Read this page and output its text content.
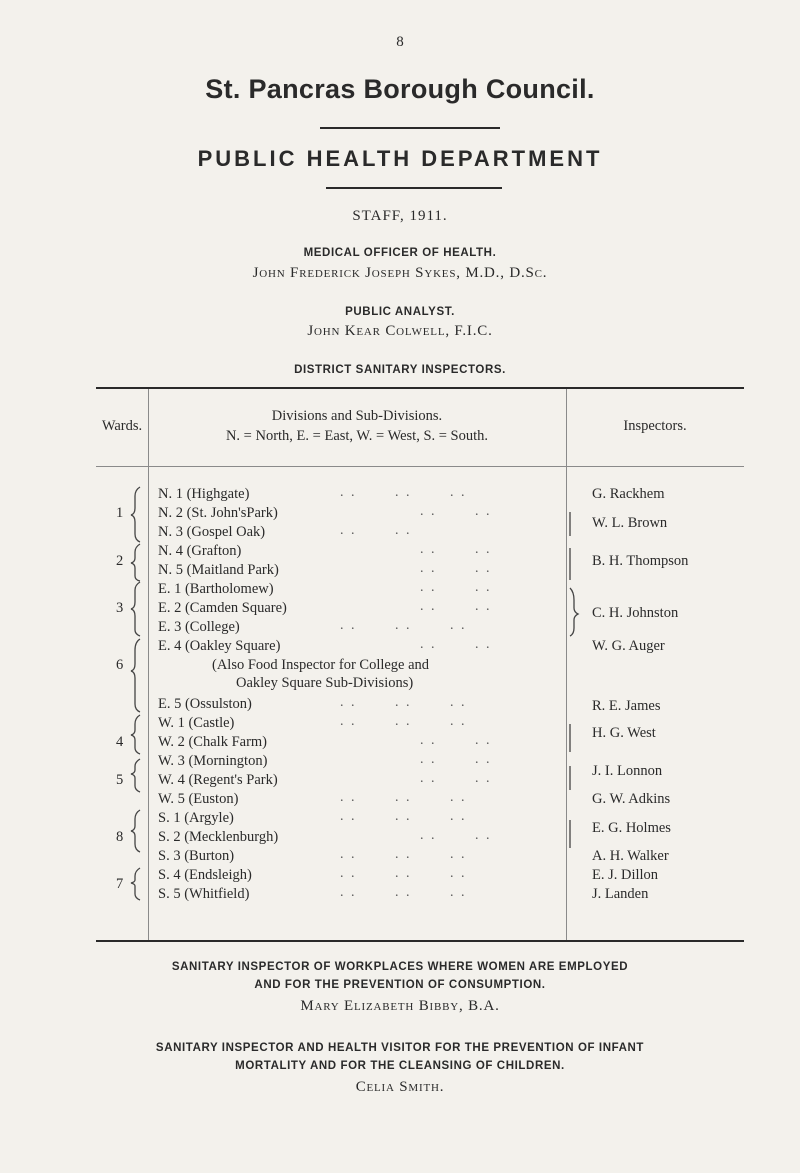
8
St. Pancras Borough Council.
PUBLIC HEALTH DEPARTMENT
STAFF, 1911.
MEDICAL OFFICER OF HEALTH.
John Frederick Joseph Sykes, M.D., D.Sc.
PUBLIC ANALYST.
John Kear Colwell, F.I.C.
DISTRICT SANITARY INSPECTORS.
Wards.
Divisions and Sub-Divisions.
N. = North, E. = East, W. = West, S. = South.
Inspectors.
N. 1 (Highgate)
N. 2 (St. John'sPark)
N. 3 (Gospel Oak)
N. 4 (Grafton)
N. 5 (Maitland Park)
E. 1 (Bartholomew)
E. 2 (Camden Square)
E. 3 (College)
E. 4 (Oakley Square)
(Also Food Inspector for College and
Oakley Square Sub-Divisions)
E. 5 (Ossulston)
W. 1 (Castle)
W. 2 (Chalk Farm)
W. 3 (Mornington)
W. 4 (Regent's Park)
W. 5 (Euston)
S. 1 (Argyle)
S. 2 (Mecklenburgh)
S. 3 (Burton)
S. 4 (Endsleigh)
S. 5 (Whitfield)
. .       . .       . .
. .       . .
. .       . .
. .       . .
. .       . .
. .       . .
. .       . .
. .       . .       . .
. .       . .
. .       . .       . .
. .       . .       . .
. .       . .
. .       . .
. .       . .
. .       . .       . .
. .       . .       . .
. .       . .
. .       . .       . .
. .       . .       . .
. .       . .       . .
1
2
3
6
4
5
8
7
G. Rackhem
W. L. Brown
B. H. Thompson
C. H. Johnston
W. G. Auger
R. E. James
H. G. West
J. I. Lonnon
G. W. Adkins
E. G. Holmes
A. H. Walker
E. J. Dillon
J. Landen
SANITARY INSPECTOR OF WORKPLACES WHERE WOMEN ARE EMPLOYED
AND FOR THE PREVENTION OF CONSUMPTION.
Mary Elizabeth Bibby, B.A.
SANITARY INSPECTOR AND HEALTH VISITOR FOR THE PREVENTION OF INFANT
MORTALITY AND FOR THE CLEANSING OF CHILDREN.
Celia Smith.
